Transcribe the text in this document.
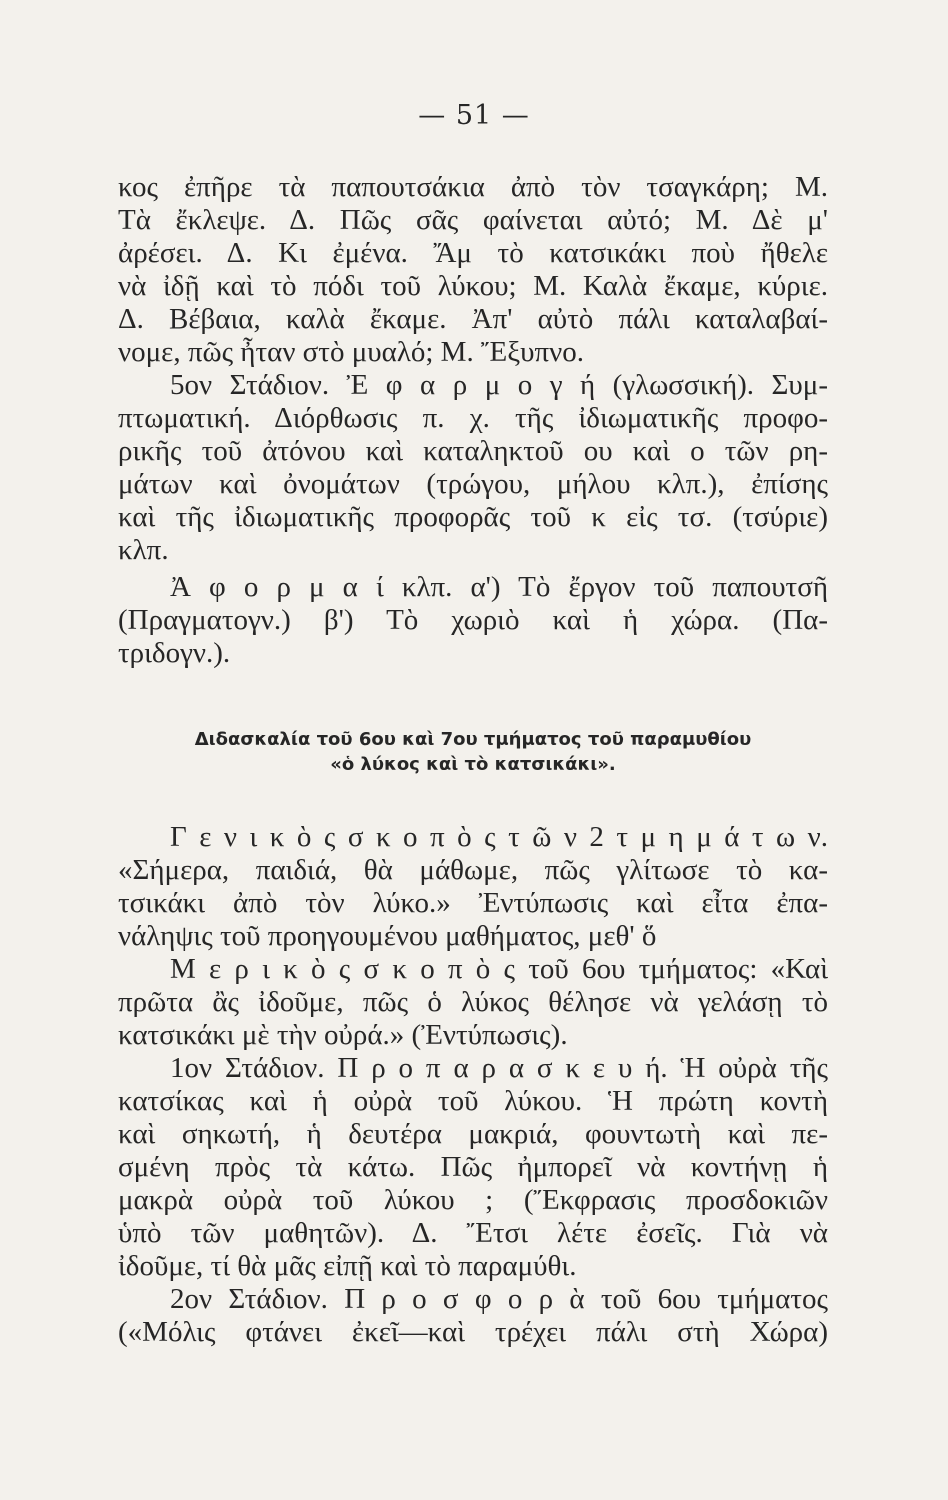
— 51 —
κος ἐπῆρε τὰ παπουτσάκια ἀπὸ τὸν τσαγκάρη; Μ.
Τὰ ἔκλεψε. Δ. Πῶς σᾶς φαίνεται αὐτό; Μ. Δὲ μ'
ἀρέσει. Δ. Κι ἐμένα. Ἄμ τὸ κατσικάκι ποὺ ἤθελε
νὰ ἰδῇ καὶ τὸ πόδι τοῦ λύκου; Μ. Καλὰ ἔκαμε, κύριε.
Δ. Βέβαια, καλὰ ἔκαμε. Ἀπ' αὐτὸ πάλι καταλαβαί-
νομε, πῶς ἦταν στὸ μυαλό; Μ. Ἔξυπνο.
5ον Στάδιον. Ἐ φ α ρ μ ο γ ή (γλωσσική). Συμ-
πτωματική. Διόρθωσις π. χ. τῆς ἰδιωματικῆς προφο-
ρικῆς τοῦ ἀτόνου καὶ καταληκτοῦ ου καὶ ο τῶν ρη-
μάτων καὶ ὀνομάτων (τρώγου, μήλου κλπ.), ἐπίσης
καὶ τῆς ἰδιωματικῆς προφορᾶς τοῦ κ εἰς τσ. (τσύριε)
κλπ.
Ἀ φ ο ρ μ α ί κλπ. α') Τὸ ἔργον τοῦ παπουτσῆ
(Πραγματογν.) β') Τὸ χωριὸ καὶ ἡ χώρα. (Πα-
τριδογν.).
Διδασκαλία τοῦ 6ου καὶ 7ου τμήματος τοῦ παραμυθίου
«ὁ λύκος καὶ τὸ κατσικάκι».
Γ ε ν ι κ ὸ ς σ κ ο π ὸ ς τ ῶ ν 2 τ μ η μ ά τ ω ν.
«Σήμερα, παιδιά, θὰ μάθωμε, πῶς γλίτωσε τὸ κα-
τσικάκι ἀπὸ τὸν λύκο.» Ἐντύπωσις καὶ εἶτα ἐπα-
νάληψις τοῦ προηγουμένου μαθήματος, μεθ' ὅ
Μ ε ρ ι κ ὸ ς σ κ ο π ὸ ς τοῦ 6ου τμήματος: «Καὶ
πρῶτα ἂς ἰδοῦμε, πῶς ὁ λύκος θέλησε νὰ γελάσῃ τὸ
κατσικάκι μὲ τὴν οὐρά.» (Ἐντύπωσις).
1ον Στάδιον. Π ρ ο π α ρ α σ κ ε υ ή. Ἡ οὐρὰ τῆς
κατσίκας καὶ ἡ οὐρὰ τοῦ λύκου. Ἡ πρώτη κοντὴ
καὶ σηκωτή, ἡ δευτέρα μακριά, φουντωτὴ καὶ πε-
σμένη πρὸς τὰ κάτω. Πῶς ἠμπορεῖ νὰ κοντήνῃ ἡ
μακρὰ οὐρὰ τοῦ λύκου ; (Ἔκφρασις προσδοκιῶν
ὑπὸ τῶν μαθητῶν). Δ. Ἔτσι λέτε ἐσεῖς. Γιὰ νὰ
ἰδοῦμε, τί θὰ μᾶς εἰπῇ καὶ τὸ παραμύθι.
2ον Στάδιον. Π ρ ο σ φ ο ρ ὰ τοῦ 6ου τμήματος
(«Μόλις φτάνει ἐκεῖ—καὶ τρέχει πάλι στὴ Χώρα)
